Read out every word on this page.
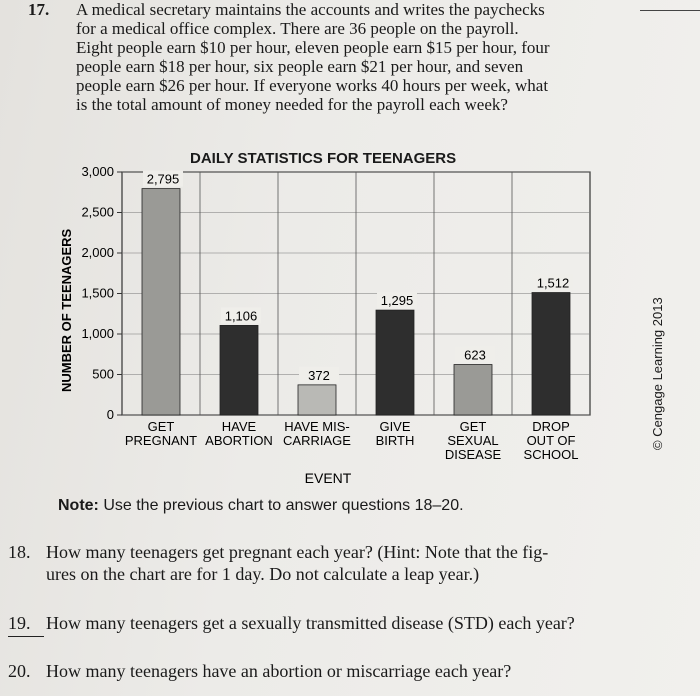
17. A medical secretary maintains the accounts and writes the paychecks
for a medical office complex. There are 36 people on the payroll.
Eight people earn $10 per hour, eleven people earn $15 per hour, four
people earn $18 per hour, six people earn $21 per hour, and seven
people earn $26 per hour. If everyone works 40 hours per week, what
is the total amount of money needed for the payroll each week?
DAILY STATISTICS FOR TEENAGERS
0
500
1,000
1,500
2,000
2,500
3,000
2,795
GET
PREGNANT
1,106
HAVE
ABORTION
372
HAVE MIS-
CARRIAGE
1,295
GIVE
BIRTH
623
GET
SEXUAL
DISEASE
1,512
DROP
OUT OF
SCHOOL
NUMBER OF TEENAGERS
EVENT
© Cengage Learning 2013
Note: Use the previous chart to answer questions 18–20.
18. How many teenagers get pregnant each year? (Hint: Note that the fig-
ures on the chart are for 1 day. Do not calculate a leap year.)
19. How many teenagers get a sexually transmitted disease (STD) each year?
20. How many teenagers have an abortion or miscarriage each year?
